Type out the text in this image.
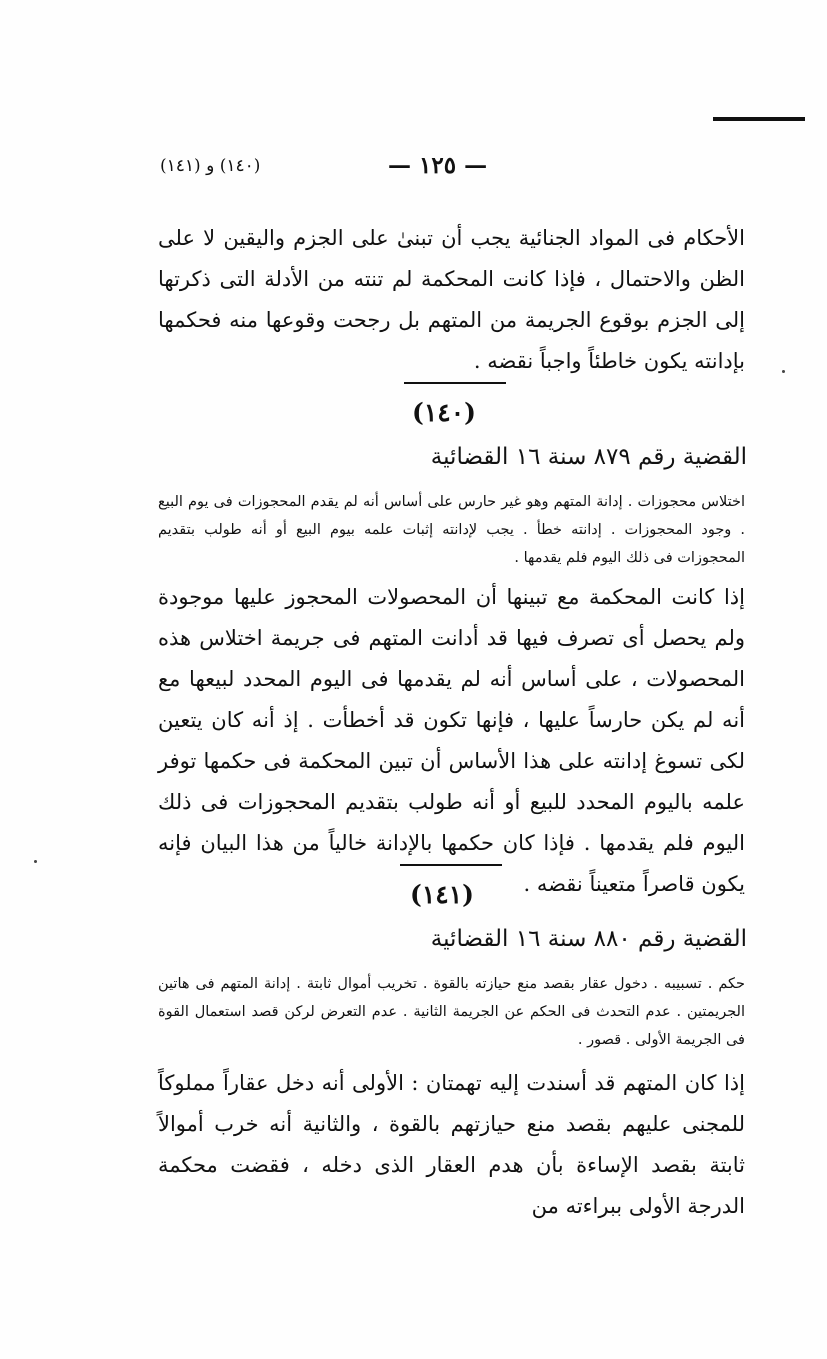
— ١٢٥ —
(١٤٠) و (١٤١)
الأحكام فى المواد الجنائية يجب أن تبنىٰ على الجزم واليقين لا على الظن والاحتمال ، فإذا كانت المحكمة لم تنته من الأدلة التى ذكرتها إلى الجزم بوقوع الجريمة من المتهم بل رجحت وقوعها منه فحكمها بإدانته يكون خاطئاً واجباً نقضه .
(١٤٠)
القضية رقم ٨٧٩ سنة ١٦ القضائية
اختلاس محجوزات . إدانة المتهم وهو غير حارس على أساس أنه لم يقدم المحجوزات فى يوم البيع . وجود المحجوزات . إدانته خطأ . يجب لإدانته إثبات علمه بيوم البيع أو أنه طولب بتقديم المحجوزات فى ذلك اليوم فلم يقدمها .
إذا كانت المحكمة مع تبينها أن المحصولات المحجوز عليها موجودة ولم يحصل أى تصرف فيها قد أدانت المتهم فى جريمة اختلاس هذه المحصولات ، على أساس أنه لم يقدمها فى اليوم المحدد لبيعها مع أنه لم يكن حارساً عليها ، فإنها تكون قد أخطأت . إذ أنه كان يتعين لكى تسوغ إدانته على هذا الأساس أن تبين المحكمة فى حكمها توفر علمه باليوم المحدد للبيع أو أنه طولب بتقديم المحجوزات فى ذلك اليوم فلم يقدمها . فإذا كان حكمها بالإدانة خالياً من هذا البيان فإنه يكون قاصراً متعيناً نقضه .
(١٤١)
القضية رقم ٨٨٠ سنة ١٦ القضائية
حكم . تسبيبه . دخول عقار بقصد منع حيازته بالقوة . تخريب أموال ثابتة . إدانة المتهم فى هاتين الجريمتين . عدم التحدث فى الحكم عن الجريمة الثانية . عدم التعرض لركن قصد استعمال القوة فى الجريمة الأولى . قصور .
إذا كان المتهم قد أسندت إليه تهمتان : الأولى أنه دخل عقاراً مملوكاً للمجنى عليهم بقصد منع حيازتهم بالقوة ، والثانية أنه خرب أموالاً ثابتة بقصد الإساءة بأن هدم العقار الذى دخله ، فقضت محكمة الدرجة الأولى ببراءته من
